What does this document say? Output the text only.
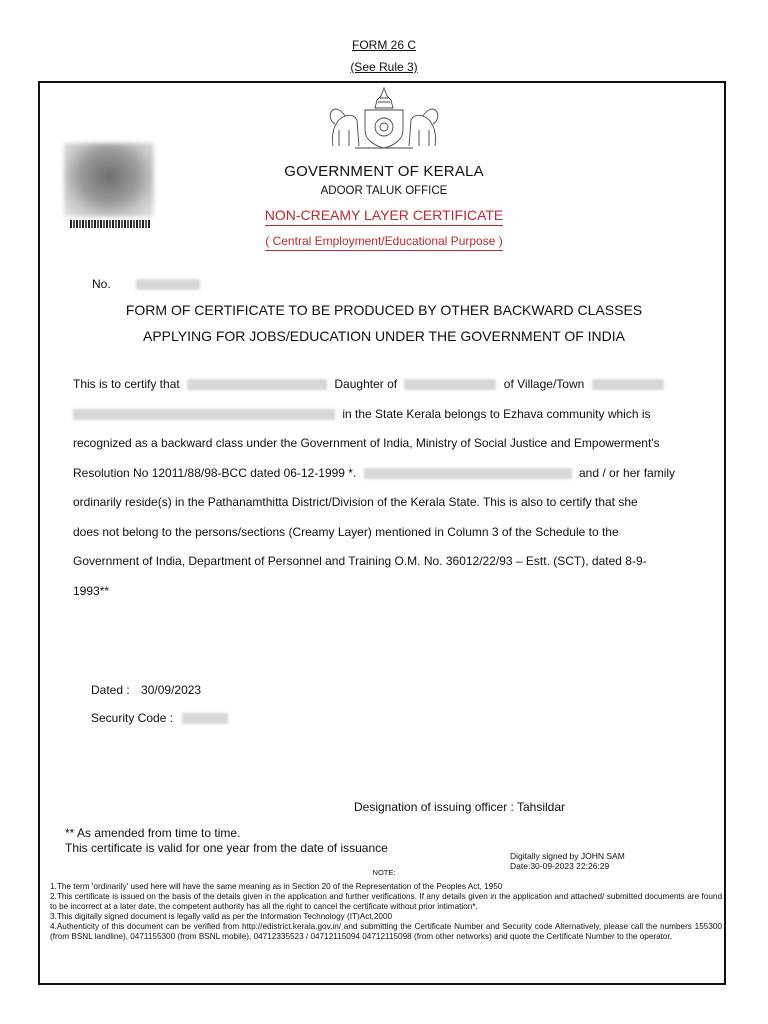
FORM 26 C
(See Rule 3)
GOVERNMENT OF KERALA
ADOOR TALUK OFFICE
NON-CREAMY LAYER CERTIFICATE
( Central Employment/Educational Purpose )
No.
FORM OF CERTIFICATE TO BE PRODUCED BY OTHER BACKWARD CLASSES
APPLYING FOR JOBS/EDUCATION UNDER THE GOVERNMENT OF INDIA

This is to certify that	Daughter of	of Village/Town

in the State Kerala belongs to Ezhava community which is

recognized as a backward class under the Government of India, Ministry of Social Justice and Empowerment's

Resolution No 12011/88/98-BCC dated 06-12-1999 *.	and / or her family

ordinarily reside(s) in the Pathanamthitta District/Division of the Kerala State. This is also to certify that she

does not belong to the persons/sections (Creamy Layer) mentioned in Column 3 of the Schedule to the

Government of India, Department of Personnel and Training O.M. No. 36012/22/93 – Estt. (SCT), dated 8-9-

1993**

Dated : 30/09/2023
Security Code :
Designation of issuing officer : Tahsildar
** As amended from time to time.
This certificate is valid for one year from the date of issuance
Digitally signed by JOHN SAM
Date:30-09-2023 22:26:29
NOTE:

1.The term 'ordinarily' used here will have the same meaning as in Section 20 of the Representation of the Peoples Act, 1950

2.This certificate is issued on the basis of the details given in the application and further verifications. If any details given in the application and attached/ submitted documents are found to be incorrect at a later date, the competent authority has all the right to cancel the certificate without prior intimation*.

3.This digitally signed document is legally valid as per the Information Technology (IT)Act,2000

4.Authenticity of this document can be verified from http://edistrict.kerala.gov.in/ and submitting the Certificate Number and Security code Alternatively, please call the numbers 155300 (from BSNL landline), 0471155300 (from BSNL mobile), 04712335523 / 04712115094 04712115098 (from other networks) and quote the Certificate Number to the operator.
